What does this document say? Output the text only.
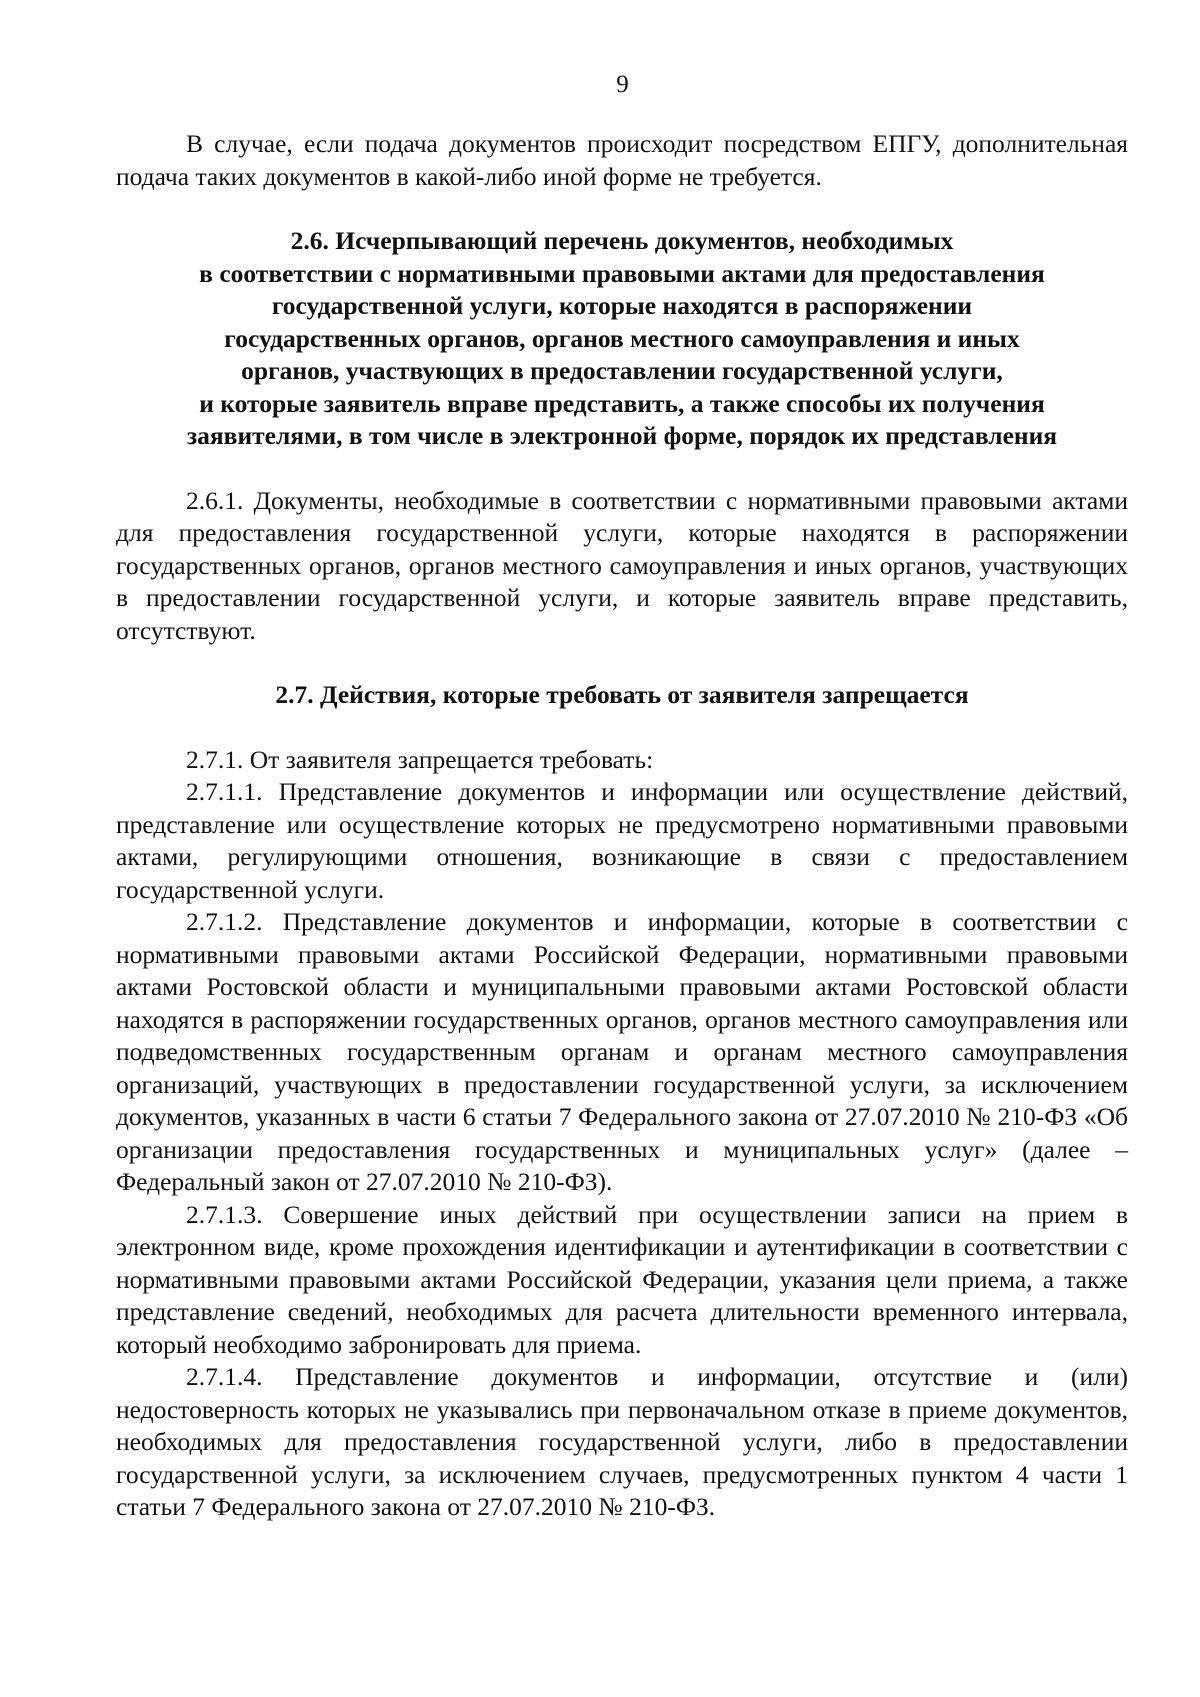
9

В случае, если подача документов происходит посредством ЕПГУ, дополнительная подача таких документов в какой-либо иной форме не требуется.

2.6. Исчерпывающий перечень документов, необходимых
в соответствии с нормативными правовыми актами для предоставления
государственной услуги, которые находятся в распоряжении
государственных органов, органов местного самоуправления и иных
органов, участвующих в предоставлении государственной услуги,
и которые заявитель вправе представить, а также способы их получения
заявителями, в том числе в электронной форме, порядок их представления

2.6.1. Документы, необходимые в соответствии с нормативными правовыми актами для предоставления государственной услуги, которые находятся в распоряжении государственных органов, органов местного самоуправления и иных органов, участвующих в предоставлении государственной услуги, и которые заявитель вправе представить, отсутствуют.

2.7. Действия, которые требовать от заявителя запрещается

2.7.1. От заявителя запрещается требовать:

2.7.1.1. Представление документов и информации или осуществление действий, представление или осуществление которых не предусмотрено нормативными правовыми актами, регулирующими отношения, возникающие в связи с предоставлением государственной услуги.

2.7.1.2. Представление документов и информации, которые в соответствии с нормативными правовыми актами Российской Федерации, нормативными правовыми актами Ростовской области и муниципальными правовыми актами Ростовской области находятся в распоряжении государственных органов, органов местного самоуправления или подведомственных государственным органам и органам местного самоуправления организаций, участвующих в предоставлении государственной услуги, за исключением документов, указанных в части 6 статьи 7 Федерального закона от 27.07.2010 № 210-ФЗ «Об организации предоставления государственных и муниципальных услуг» (далее – Федеральный закон от 27.07.2010 № 210-ФЗ).

2.7.1.3. Совершение иных действий при осуществлении записи на прием в электронном виде, кроме прохождения идентификации и аутентификации в соответствии с нормативными правовыми актами Российской Федерации, указания цели приема, а также представление сведений, необходимых для расчета длительности временного интервала, который необходимо забронировать для приема.

2.7.1.4. Представление документов и информации, отсутствие и (или) недостоверность которых не указывались при первоначальном отказе в приеме документов, необходимых для предоставления государственной услуги, либо в предоставлении государственной услуги, за исключением случаев, предусмотренных пунктом 4 части 1 статьи 7 Федерального закона от 27.07.2010 № 210-ФЗ.
